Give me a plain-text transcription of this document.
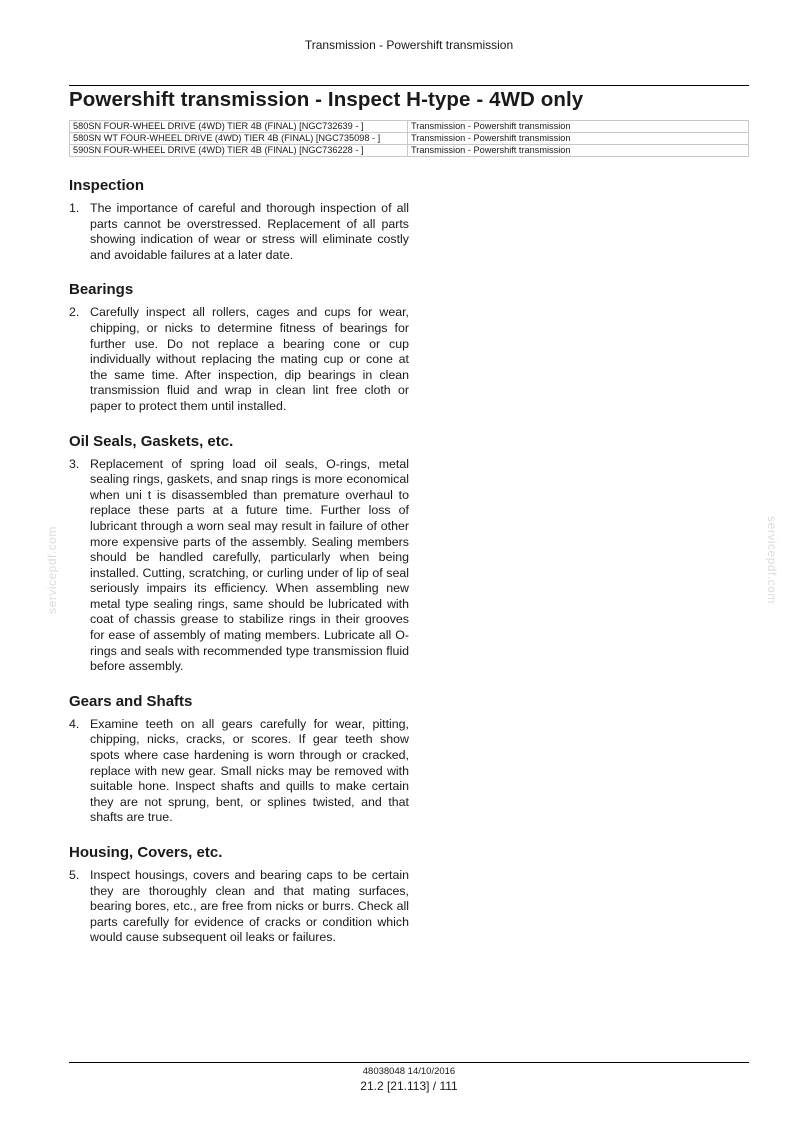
Transmission - Powershift transmission
Powershift transmission - Inspect H-type - 4WD only
580SN FOUR-WHEEL DRIVE (4WD) TIER 4B (FINAL) [NGC732639 - ]	Transmission - Powershift transmission
580SN WT FOUR-WHEEL DRIVE (4WD) TIER 4B (FINAL) [NGC735098 - ]	Transmission - Powershift transmission
590SN FOUR-WHEEL DRIVE (4WD) TIER 4B (FINAL) [NGC736228 - ]	Transmission - Powershift transmission
Inspection
1. The importance of careful and thorough inspection of all parts cannot be overstressed. Replacement of all parts showing indication of wear or stress will eliminate costly and avoidable failures at a later date.
Bearings
2. Carefully inspect all rollers, cages and cups for wear, chipping, or nicks to determine fitness of bearings for further use. Do not replace a bearing cone or cup individually without replacing the mating cup or cone at the same time. After inspection, dip bearings in clean transmission fluid and wrap in clean lint free cloth or paper to protect them until installed.
Oil Seals, Gaskets, etc.
3. Replacement of spring load oil seals, O-rings, metal sealing rings, gaskets, and snap rings is more economical when uni t is disassembled than premature overhaul to replace these parts at a future time. Further loss of lubricant through a worn seal may result in failure of other more expensive parts of the assembly. Sealing members should be handled carefully, particularly when being installed. Cutting, scratching, or curling under of lip of seal seriously impairs its efficiency. When assembling new metal type sealing rings, same should be lubricated with coat of chassis grease to stabilize rings in their grooves for ease of assembly of mating members. Lubricate all O-rings and seals with recommended type transmission fluid before assembly.
Gears and Shafts
4. Examine teeth on all gears carefully for wear, pitting, chipping, nicks, cracks, or scores. If gear teeth show spots where case hardening is worn through or cracked, replace with new gear. Small nicks may be removed with suitable hone. Inspect shafts and quills to make certain they are not sprung, bent, or splines twisted, and that shafts are true.
Housing, Covers, etc.
5. Inspect housings, covers and bearing caps to be certain they are thoroughly clean and that mating surfaces, bearing bores, etc., are free from nicks or burrs. Check all parts carefully for evidence of cracks or condition which would cause subsequent oil leaks or failures.
servicepdf.com	servicepdf.com
48038048 14/10/2016
21.2 [21.113] / 111
